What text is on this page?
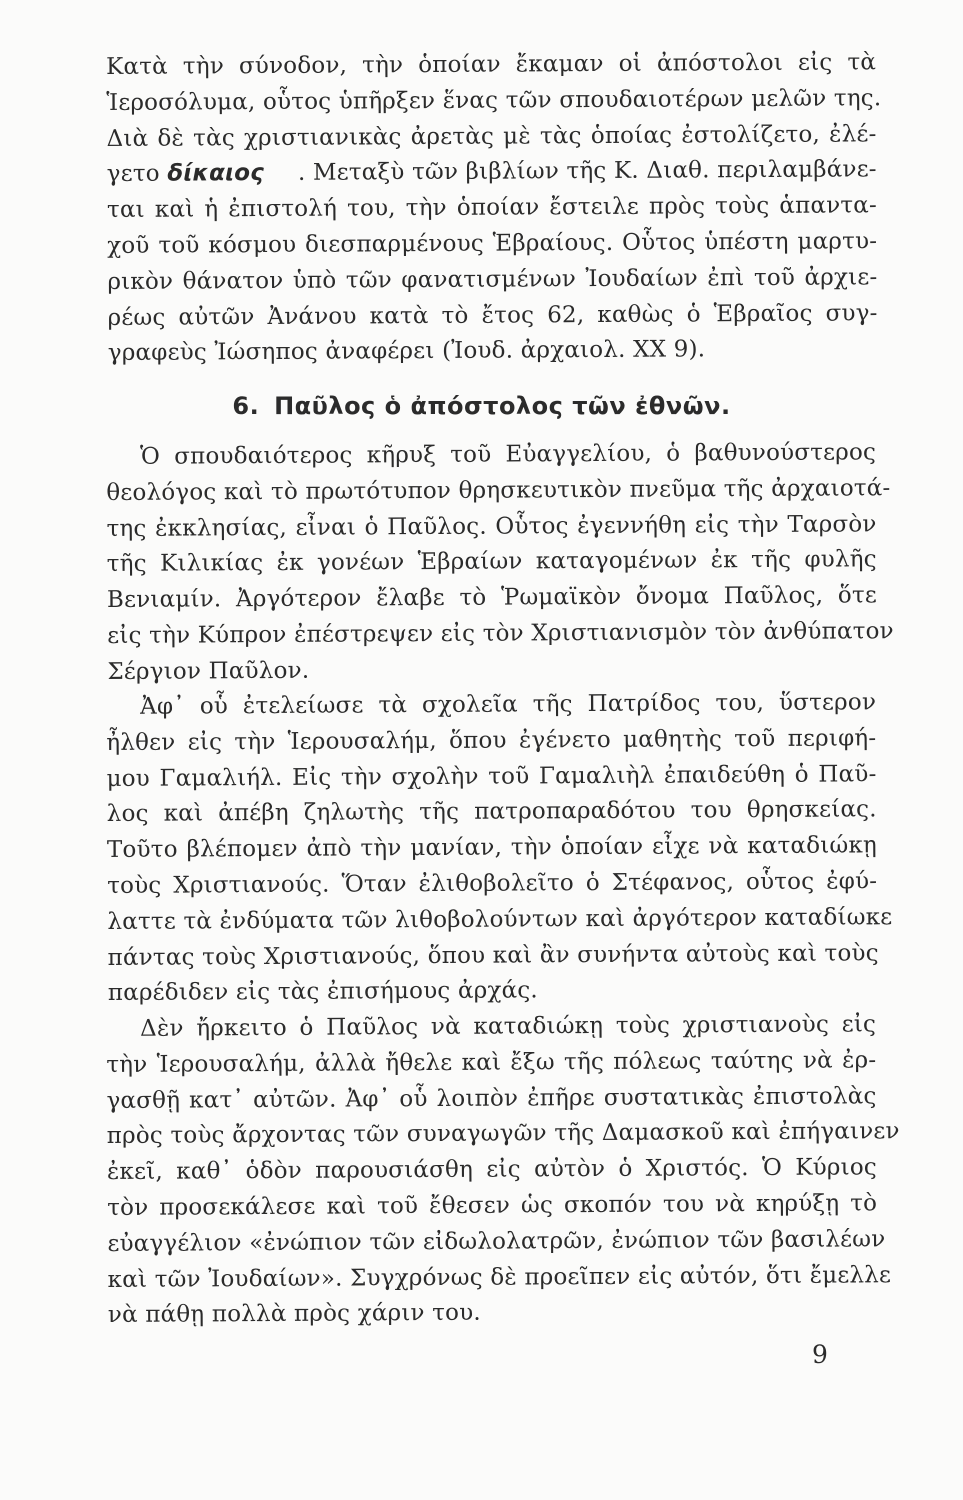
Κατὰ τὴν σύνοδον, τὴν ὁποίαν ἔκαμαν οἱ ἀπόστολοι εἰς τὰ
Ἱεροσόλυμα, οὗτος ὑπῆρξεν ἕνας τῶν σπουδαιοτέρων μελῶν της.
Διὰ δὲ τὰς χριστιανικὰς ἀρετὰς μὲ τὰς ὁποίας ἐστολίζετο, ἐλέ-
γετο δίκαιος . Μεταξὺ τῶν βιβλίων τῆς Κ. Διαθ. περιλαμβάνε-
ται καὶ ἡ ἐπιστολή του, τὴν ὁποίαν ἔστειλε πρὸς τοὺς ἁπαντα-
χοῦ τοῦ κόσμου διεσπαρμένους Ἑβραίους. Οὗτος ὑπέστη μαρτυ-
ρικὸν θάνατον ὑπὸ τῶν φανατισμένων Ἰουδαίων ἐπὶ τοῦ ἀρχιε-
ρέως αὐτῶν Ἀνάνου κατὰ τὸ ἔτος 62, καθὼς ὁ Ἑβραῖος συγ-
γραφεὺς Ἰώσηπος ἀναφέρει (Ἰουδ. ἀρχαιολ. XX 9).
6. Παῦλος ὁ ἀπόστολος τῶν ἐθνῶν.
Ὁ σπουδαιότερος κῆρυξ τοῦ Εὐαγγελίου, ὁ βαθυνούστερος
θεολόγος καὶ τὸ πρωτότυπον θρησκευτικὸν πνεῦμα τῆς ἀρχαιοτά-
της ἐκκλησίας, εἶναι ὁ Παῦλος. Οὗτος ἐγεννήθη εἰς τὴν Ταρσὸν
τῆς Κιλικίας ἐκ γονέων Ἑβραίων καταγομένων ἐκ τῆς φυλῆς
Βενιαμίν. Ἀργότερον ἔλαβε τὸ Ῥωμαϊκὸν ὄνομα Παῦλος, ὅτε
εἰς τὴν Κύπρον ἐπέστρεψεν εἰς τὸν Χριστιανισμὸν τὸν ἀνθύπατον
Σέργιον Παῦλον.
Ἀφ᾽ οὗ ἐτελείωσε τὰ σχολεῖα τῆς Πατρίδος του, ὕστερον
ἦλθεν εἰς τὴν Ἱερουσαλήμ, ὅπου ἐγένετο μαθητὴς τοῦ περιφή-
μου Γαμαλιήλ. Εἰς τὴν σχολὴν τοῦ Γαμαλιὴλ ἐπαιδεύθη ὁ Παῦ-
λος καὶ ἀπέβη ζηλωτὴς τῆς πατροπαραδότου του θρησκείας.
Τοῦτο βλέπομεν ἀπὸ τὴν μανίαν, τὴν ὁποίαν εἶχε νὰ καταδιώκῃ
τοὺς Χριστιανούς. Ὅταν ἐλιθοβολεῖτο ὁ Στέφανος, οὗτος ἐφύ-
λαττε τὰ ἐνδύματα τῶν λιθοβολούντων καὶ ἀργότερον καταδίωκε
πάντας τοὺς Χριστιανούς, ὅπου καὶ ἂν συνήντα αὐτοὺς καὶ τοὺς
παρέδιδεν εἰς τὰς ἐπισήμους ἀρχάς.
Δὲν ἤρκειτο ὁ Παῦλος νὰ καταδιώκῃ τοὺς χριστιανοὺς εἰς
τὴν Ἱερουσαλήμ, ἀλλὰ ἤθελε καὶ ἔξω τῆς πόλεως ταύτης νὰ ἐρ-
γασθῇ κατ᾽ αὐτῶν. Ἀφ᾽ οὗ λοιπὸν ἐπῆρε συστατικὰς ἐπιστολὰς
πρὸς τοὺς ἄρχοντας τῶν συναγωγῶν τῆς Δαμασκοῦ καὶ ἐπήγαινεν
ἐκεῖ, καθ᾽ ὁδὸν παρουσιάσθη εἰς αὐτὸν ὁ Χριστός. Ὁ Κύριος
τὸν προσεκάλεσε καὶ τοῦ ἔθεσεν ὡς σκοπόν του νὰ κηρύξῃ τὸ
εὐαγγέλιον «ἐνώπιον τῶν εἰδωλολατρῶν, ἐνώπιον τῶν βασιλέων
καὶ τῶν Ἰουδαίων». Συγχρόνως δὲ προεῖπεν εἰς αὐτόν, ὅτι ἔμελλε
νὰ πάθῃ πολλὰ πρὸς χάριν του.
9
